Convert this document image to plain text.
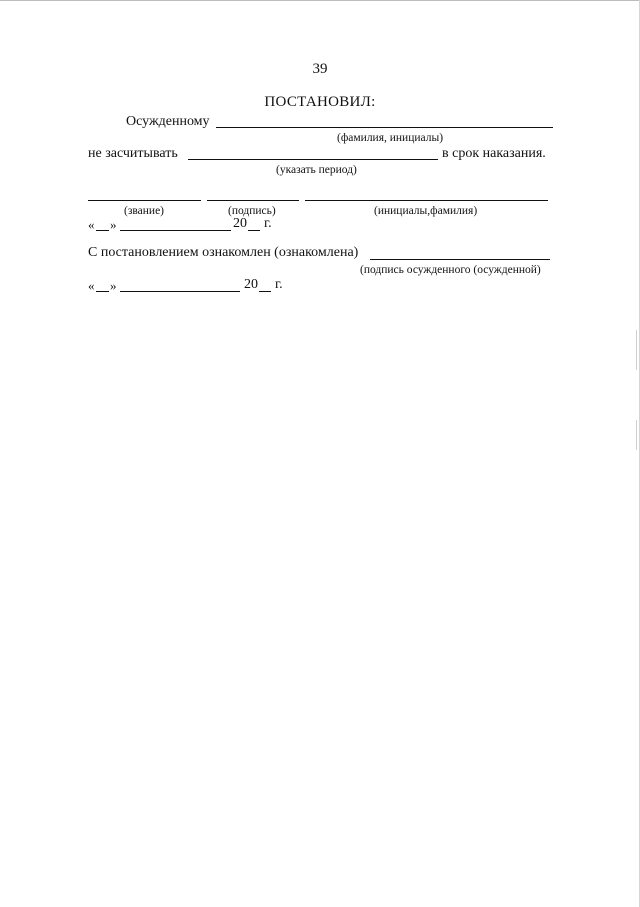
39
ПОСТАНОВИЛ:
Осужденному
(фамилия, инициалы)
не засчитывать	в срок наказания.
(указать период)
(звание)	(подпись)	(инициалы,фамилия)
« »	20 г.
С постановлением ознакомлен (ознакомлена)
(подпись осужденного (осужденной)
« »	20 г.
